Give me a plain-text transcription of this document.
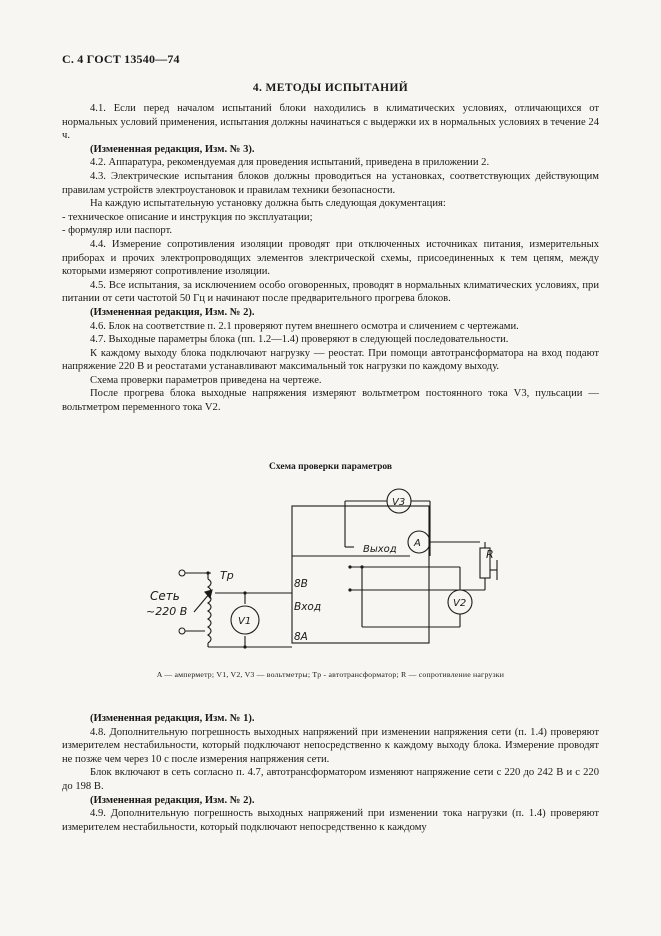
С. 4 ГОСТ 13540—74
4. МЕТОДЫ ИСПЫТАНИЙ

4.1. Если перед началом испытаний блоки находились в климатических условиях, отличающихся от нормальных условий применения, испытания должны начинаться с выдержки их в нормальных условиях в течение 24 ч.

(Измененная редакция, Изм. № 3).

4.2. Аппаратура, рекомендуемая для проведения испытаний, приведена в приложении 2.

4.3. Электрические испытания блоков должны проводиться на установках, соответствующих действующим правилам устройств электроустановок и правилам техники безопасности.

На каждую испытательную установку должна быть следующая документация:

- техническое описание и инструкция по эксплуатации;

- формуляр или паспорт.

4.4. Измерение сопротивления изоляции проводят при отключенных источниках питания, измерительных приборах и прочих электропроводящих элементов электрической схемы, присоединенных к тем цепям, между которыми измеряют сопротивление изоляции.

4.5. Все испытания, за исключением особо оговоренных, проводят в нормальных климатических условиях, при питании от сети частотой 50 Гц и начинают после предварительного прогрева блоков.

(Измененная редакция, Изм. № 2).

4.6. Блок на соответствие п. 2.1 проверяют путем внешнего осмотра и сличением с чертежами.

4.7. Выходные параметры блока (пп. 1.2—1.4) проверяют в следующей последовательности.

К каждому выходу блока подключают нагрузку — реостат. При помощи автотрансформатора на вход подают напряжение 220 В и реостатами устанавливают максимальный ток нагрузки по каждому выходу.

Схема проверки параметров приведена на чертеже.

После прогрева блока выходные напряжения измеряют вольтметром постоянного тока V3, пульсации — вольтметром переменного тока V2.

Схема проверки параметров
Тр
Сеть
~220 В
V1
V3
A
R
V2
8В
Вход
8А
Выход
A — амперметр; V1, V2, V3 — вольтметры; Tр - автотрансформатор; R — сопротивление нагрузки

(Измененная редакция, Изм. № 1).

4.8. Дополнительную погрешность выходных напряжений при изменении напряжения сети (п. 1.4) проверяют измерителем нестабильности, который подключают непосредственно к каждому выходу блока. Измерение проводят не позже чем через 10 с после измерения напряжения сети.

Блок включают в сеть согласно п. 4.7, автотрансформатором изменяют напряжение сети с 220 до 242 В и с 220 до 198 В.

(Измененная редакция, Изм. № 2).

4.9. Дополнительную погрешность выходных напряжений при изменении тока нагрузки (п. 1.4) проверяют измерителем нестабильности, который подключают непосредственно к каждому
